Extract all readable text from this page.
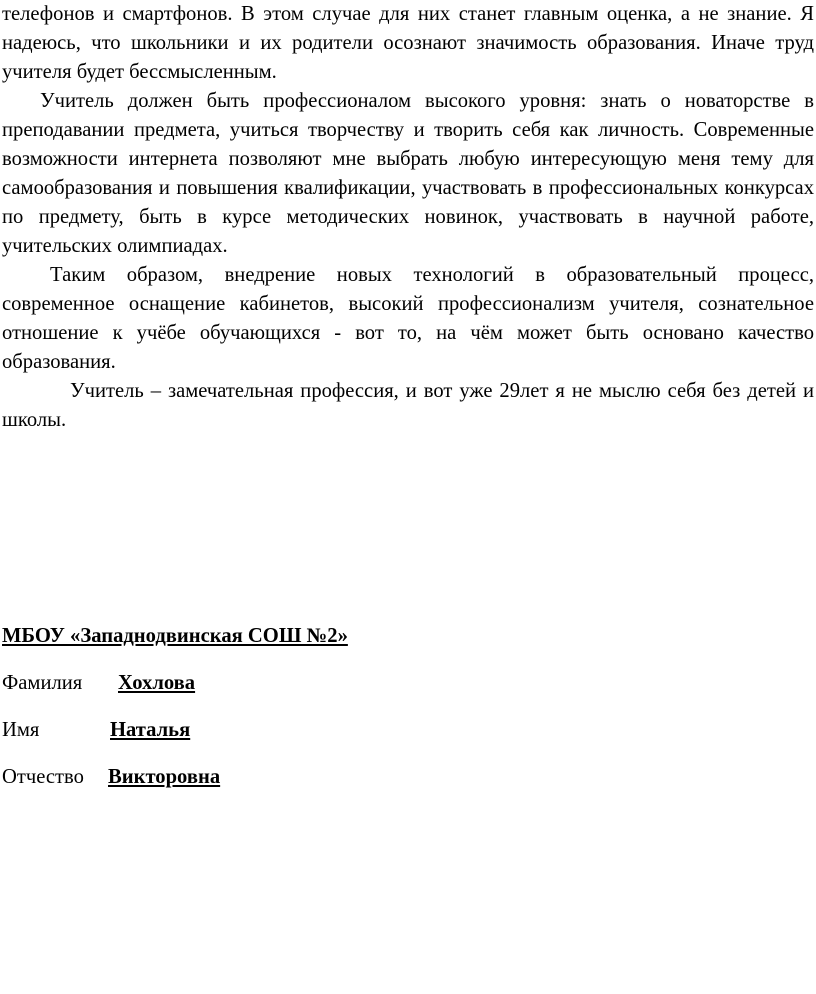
телефонов и смартфонов. В этом случае для них станет главным оценка, а не знание. Я надеюсь, что школьники и их родители осознают значимость образования. Иначе труд учителя будет бессмысленным.

Учитель должен быть профессионалом высокого уровня: знать о новаторстве в преподавании предмета, учиться творчеству и творить себя как личность. Современные возможности интернета позволяют мне выбрать любую интересующую меня тему для самообразования и повышения квалификации, участвовать в профессиональных конкурсах по предмету, быть в курсе методических новинок, участвовать в научной работе, учительских олимпиадах.

Таким образом, внедрение новых технологий в образовательный процесс, современное оснащение кабинетов, высокий профессионализм учителя, сознательное отношение к учёбе обучающихся - вот то, на чём может быть основано качество образования.

Учитель – замечательная профессия, и вот уже 29лет я не мыслю себя без детей и школы.

МБОУ «Западнодвинская СОШ №2»
Фамилия	Хохлова
Имя	Наталья
Отчество	Викторовна
